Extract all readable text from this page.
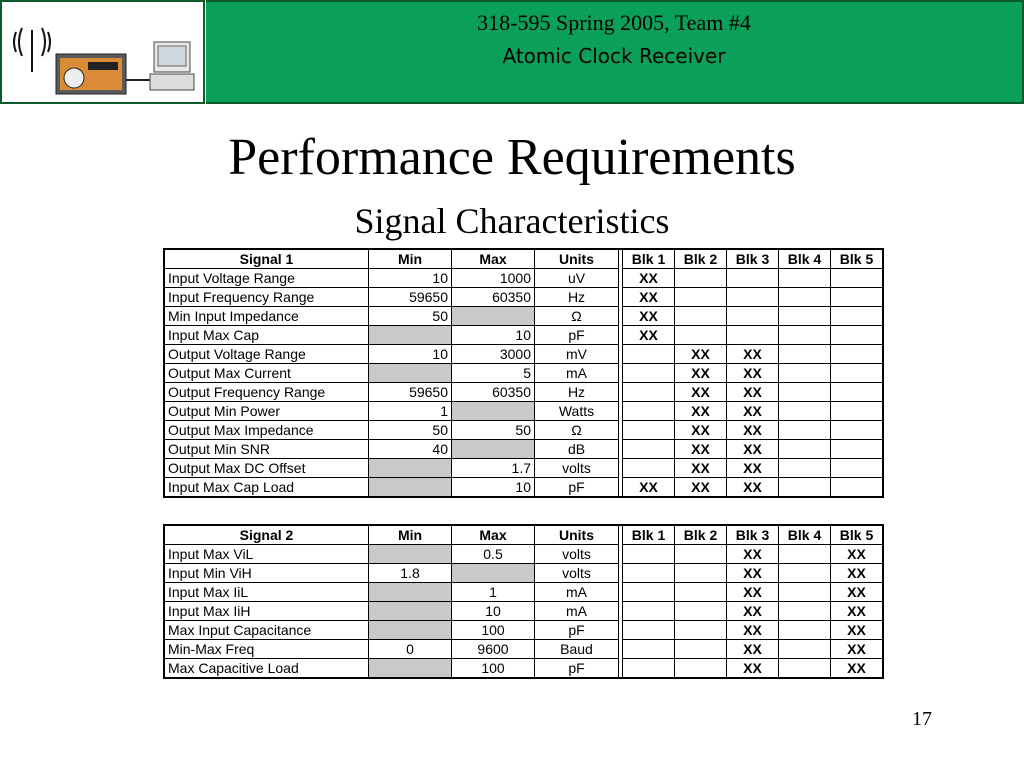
318-595 Spring 2005, Team #4
Atomic Clock Receiver
Performance Requirements
Signal Characteristics
Signal 1	Min	Max	Units		Blk 1	Blk 2	Blk 3	Blk 4	Blk 5
Input Voltage Range	10	1000	uV		XX				
Input Frequency Range	59650	60350	Hz		XX				
Min Input Impedance	50		Ω		XX				
Input Max Cap		10	pF		XX				
Output Voltage Range	10	3000	mV			XX	XX		
Output Max Current		5	mA			XX	XX		
Output Frequency Range	59650	60350	Hz			XX	XX		
Output Min Power	1		Watts			XX	XX		
Output Max Impedance	50	50	Ω			XX	XX		
Output Min SNR	40		dB			XX	XX		
Output Max DC Offset		1.7	volts			XX	XX		
Input Max Cap Load		10	pF		XX	XX	XX		
Signal 2	Min	Max	Units		Blk 1	Blk 2	Blk 3	Blk 4	Blk 5
Input Max ViL		0.5	volts				XX		XX
Input Min ViH	1.8		volts				XX		XX
Input Max IiL		1	mA				XX		XX
Input Max IiH		10	mA				XX		XX
Max Input Capacitance		100	pF				XX		XX
Min-Max Freq	0	9600	Baud				XX		XX
Max Capacitive Load		100	pF				XX		XX
17
